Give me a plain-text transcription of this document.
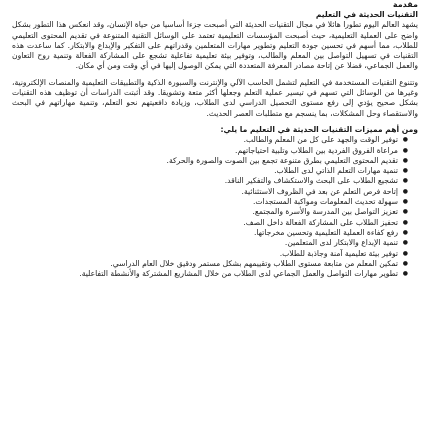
مقدمة
التقنيات الحديثة في التعليم

يشهد العالم اليوم تطورا هائلا في مجال التقنيات الحديثة التي أصبحت جزءا أساسيا من حياة الإنسان، وقد انعكس هذا التطور بشكل واضح على العملية التعليمية، حيث أصبحت المؤسسات التعليمية تعتمد على الوسائل التقنية المتنوعة في تقديم المحتوى التعليمي للطلاب، مما أسهم في تحسين جودة التعليم وتطوير مهارات المتعلمين وقدراتهم على التفكير والإبداع والابتكار. كما ساعدت هذه التقنيات في تسهيل التواصل بين المعلم والطالب، وتوفير بيئة تعليمية تفاعلية تشجع على المشاركة الفعالة وتنمية روح التعاون والعمل الجماعي، فضلا عن إتاحة مصادر المعرفة المتعددة التي يمكن الوصول إليها في أي وقت ومن أي مكان.

وتتنوع التقنيات المستخدمة في التعليم لتشمل الحاسب الآلي والإنترنت والسبورة الذكية والتطبيقات التعليمية والمنصات الإلكترونية، وغيرها من الوسائل التي تسهم في تيسير عملية التعلم وجعلها أكثر متعة وتشويقا. وقد أثبتت الدراسات أن توظيف هذه التقنيات بشكل صحيح يؤدي إلى رفع مستوى التحصيل الدراسي لدى الطلاب، وزيادة دافعيتهم نحو التعلم، وتنمية مهاراتهم في البحث والاستقصاء وحل المشكلات، بما ينسجم مع متطلبات العصر الحديث.

ومن أهم مميزات التقنيات الحديثة في التعليم ما يلي:
● توفير الوقت والجهد على كل من المعلم والطالب.
● مراعاة الفروق الفردية بين الطلاب وتلبية احتياجاتهم.
● تقديم المحتوى التعليمي بطرق متنوعة تجمع بين الصوت والصورة والحركة.
● تنمية مهارات التعلم الذاتي لدى الطلاب.
● تشجيع الطلاب على البحث والاستكشاف والتفكير الناقد.
● إتاحة فرص التعلم عن بعد في الظروف الاستثنائية.
● سهولة تحديث المعلومات ومواكبة المستجدات.
● تعزيز التواصل بين المدرسة والأسرة والمجتمع.
● تحفيز الطلاب على المشاركة الفعالة داخل الصف.
● رفع كفاءة العملية التعليمية وتحسين مخرجاتها.
● تنمية الإبداع والابتكار لدى المتعلمين.
● توفير بيئة تعليمية آمنة وجاذبة للطلاب.
● تمكين المعلم من متابعة مستوى الطلاب وتقييمهم بشكل مستمر ودقيق خلال العام الدراسي.
● تطوير مهارات التواصل والعمل الجماعي لدى الطلاب من خلال المشاريع المشتركة والأنشطة التفاعلية.
